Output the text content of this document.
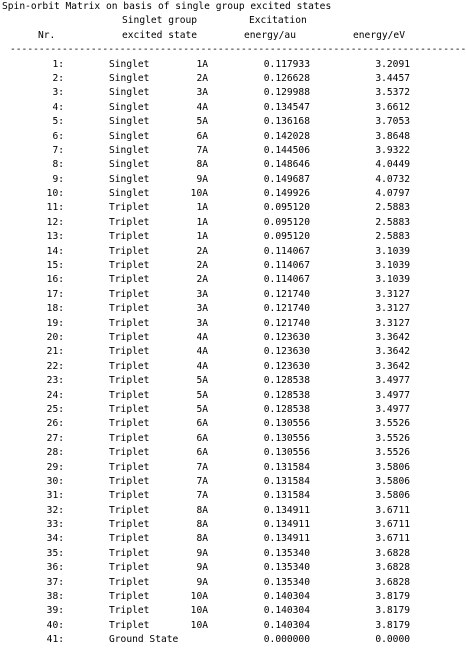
Spin-orbit Matrix on basis of single group excited states

Singlet group

	Excitation

Nr.

	excited state

	energy/au

	energy/eV

-------------------------------------------------------------------------------

1:	Singlet	1A	0.117933	3.2091
2:	Singlet	2A	0.126628	3.4457
3:	Singlet	3A	0.129988	3.5372
4:	Singlet	4A	0.134547	3.6612
5:	Singlet	5A	0.136168	3.7053
6:	Singlet	6A	0.142028	3.8648
7:	Singlet	7A	0.144506	3.9322
8:	Singlet	8A	0.148646	4.0449
9:	Singlet	9A	0.149687	4.0732
10:	Singlet	10A	0.149926	4.0797
11:	Triplet	1A	0.095120	2.5883
12:	Triplet	1A	0.095120	2.5883
13:	Triplet	1A	0.095120	2.5883
14:	Triplet	2A	0.114067	3.1039
15:	Triplet	2A	0.114067	3.1039
16:	Triplet	2A	0.114067	3.1039
17:	Triplet	3A	0.121740	3.3127
18:	Triplet	3A	0.121740	3.3127
19:	Triplet	3A	0.121740	3.3127
20:	Triplet	4A	0.123630	3.3642
21:	Triplet	4A	0.123630	3.3642
22:	Triplet	4A	0.123630	3.3642
23:	Triplet	5A	0.128538	3.4977
24:	Triplet	5A	0.128538	3.4977
25:	Triplet	5A	0.128538	3.4977
26:	Triplet	6A	0.130556	3.5526
27:	Triplet	6A	0.130556	3.5526
28:	Triplet	6A	0.130556	3.5526
29:	Triplet	7A	0.131584	3.5806
30:	Triplet	7A	0.131584	3.5806
31:	Triplet	7A	0.131584	3.5806
32:	Triplet	8A	0.134911	3.6711
33:	Triplet	8A	0.134911	3.6711
34:	Triplet	8A	0.134911	3.6711
35:	Triplet	9A	0.135340	3.6828
36:	Triplet	9A	0.135340	3.6828
37:	Triplet	9A	0.135340	3.6828
38:	Triplet	10A	0.140304	3.8179
39:	Triplet	10A	0.140304	3.8179
40:	Triplet	10A	0.140304	3.8179
41:	Ground State	0.000000	0.0000
